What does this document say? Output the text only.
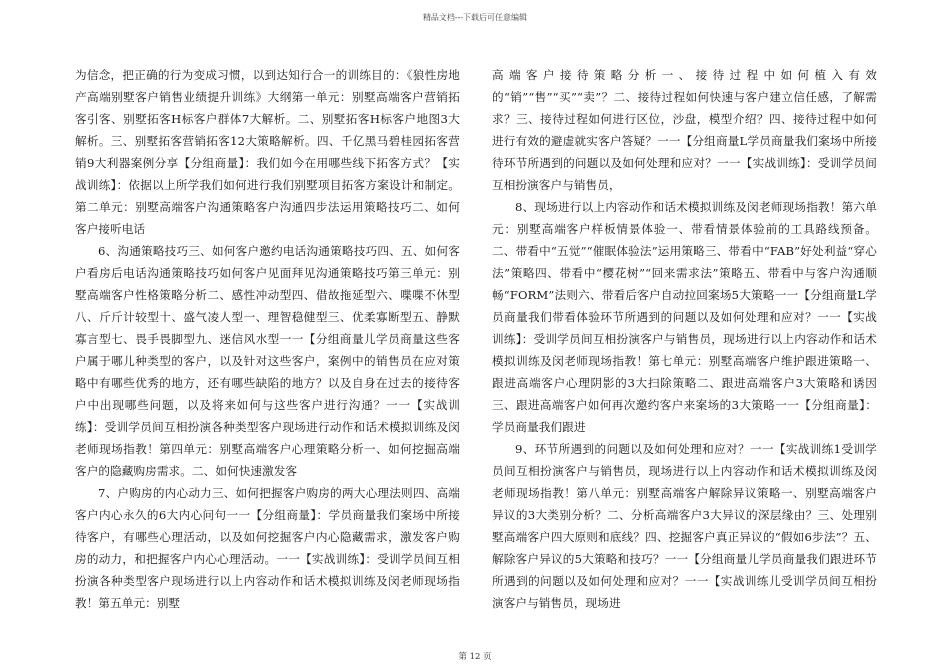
精品文档---下载后可任意编辑

为信念，把正确的行为变成习惯，以到达知行合一的训练目的：《狼性房地产高端别墅客户销售业绩提升训练》大纲第一单元：别墅高端客户营销拓客引客、别墅拓客H标客户群体7大解析。二、别墅拓客H标客户地图3大解析。三、别墅拓客营销拓客12大策略解析。四、千亿黑马碧桂园拓客营销9大利器案例分享【分组商量】：我们如今在用哪些线下拓客方式？【实战训练】：依据以上所学我们如何进行我们别墅项目拓客方案设计和制定。第二单元：别墅高端客户沟通策略客户沟通四步法运用策略技巧二、如何客户接听电话

6、沟通策略技巧三、如何客户邀约电话沟通策略技巧四、五、如何客户看房后电话沟通策略技巧如何客户见面拜见沟通策略技巧第三单元：别墅高端客户性格策略分析二、感性冲动型四、借故拖延型六、喋喋不休型八、斤斤计较型十、盛气凌人型一、理智稳健型三、优柔寡断型五、静默寡言型七、畏手畏脚型九、迷信风水型一一【分组商量儿学员商量这些客户属于哪儿种类型的客户，以及针对这些客户，案例中的销售员在应对策略中有哪些优秀的地方，还有哪些缺陷的地方？以及自身在过去的接待客户中出现哪些问题，以及将来如何与这些客户进行沟通？一一【实战训练】：受训学员间互相扮演各种类型客户现场进行动作和话术模拟训练及闵老师现场指教！第四单元：别墅高端客户心理策略分析一、如何挖掘高端客户的隐藏购房需求。二、如何快速激发客

7、户购房的内心动力三、如何把握客户购房的两大心理法则四、高端客户内心永久的6大内心问句一一【分组商量】：学员商量我们案场中所接待客户，有哪些心理活动，以及如何挖掘客户内心隐藏需求，激发客户购房的动力，和把握客户内心心理活动。一一【实战训练】：受训学员间互相扮演各种类型客户现场进行以上内容动作和话术模拟训练及闵老师现场指教！第五单元：别墅

高端客户接待策略分析一、接待过程中如何植入有效的“销”“售”“买”“卖”？二、接待过程如何快速与客户建立信任感，了解需求？三、接待过程如何进行区位，沙盘，模型介绍？四、接待过程中如何进行有效的避虚就实客户答疑？一一【分组商量L学员商量我们案场中所接待环节所遇到的问题以及如何处理和应对？一一【实战训练】：受训学员间互相扮演客户与销售员，

8、现场进行以上内容动作和话术模拟训练及闵老师现场指教！第六单元：别墅高端客户样板情景体验一、带看情景体验前的工具路线预备。二、带看中“五觉”“催眠体验法”运用策略三、带看中“FAB”好处利益“穿心法”策略四、带看中“樱花树”“回来需求法”策略五、带看中与客户沟通顺畅“FORM”法则六、带看后客户自动拉回案场5大策略一一【分组商量L学员商量我们带看体验环节所遇到的问题以及如何处理和应对？一一【实战训练】：受训学员间互相扮演客户与销售员，现场进行以上内容动作和话术模拟训练及闵老师现场指教！第七单元：别墅高端客户维护跟进策略一、跟进高端客户心理阴影的3大扫除策略二、跟进高端客户3大策略和诱因三、跟进高端客户如何再次邀约客户来案场的3大策略一一【分组商量】：学员商量我们跟进

9、环节所遇到的问题以及如何处理和应对？一一【实战训练1受训学员间互相扮演客户与销售员，现场进行以上内容动作和话术模拟训练及闵老师现场指教！第八单元：别墅高端客户解除异议策略一、别墅高端客户异议的3大类别分析？二、分析高端客户3大异议的深层缘由？三、处理别墅高端客户四大原则和底线？四、挖掘客户真正异议的“假如6步法”？五、解除客户异议的5大策略和技巧？一一【分组商量儿学员商量我们跟进环节所遇到的问题以及如何处理和应对？一一【实战训练儿受训学员间互相扮演客户与销售员，现场进

第 12 页
